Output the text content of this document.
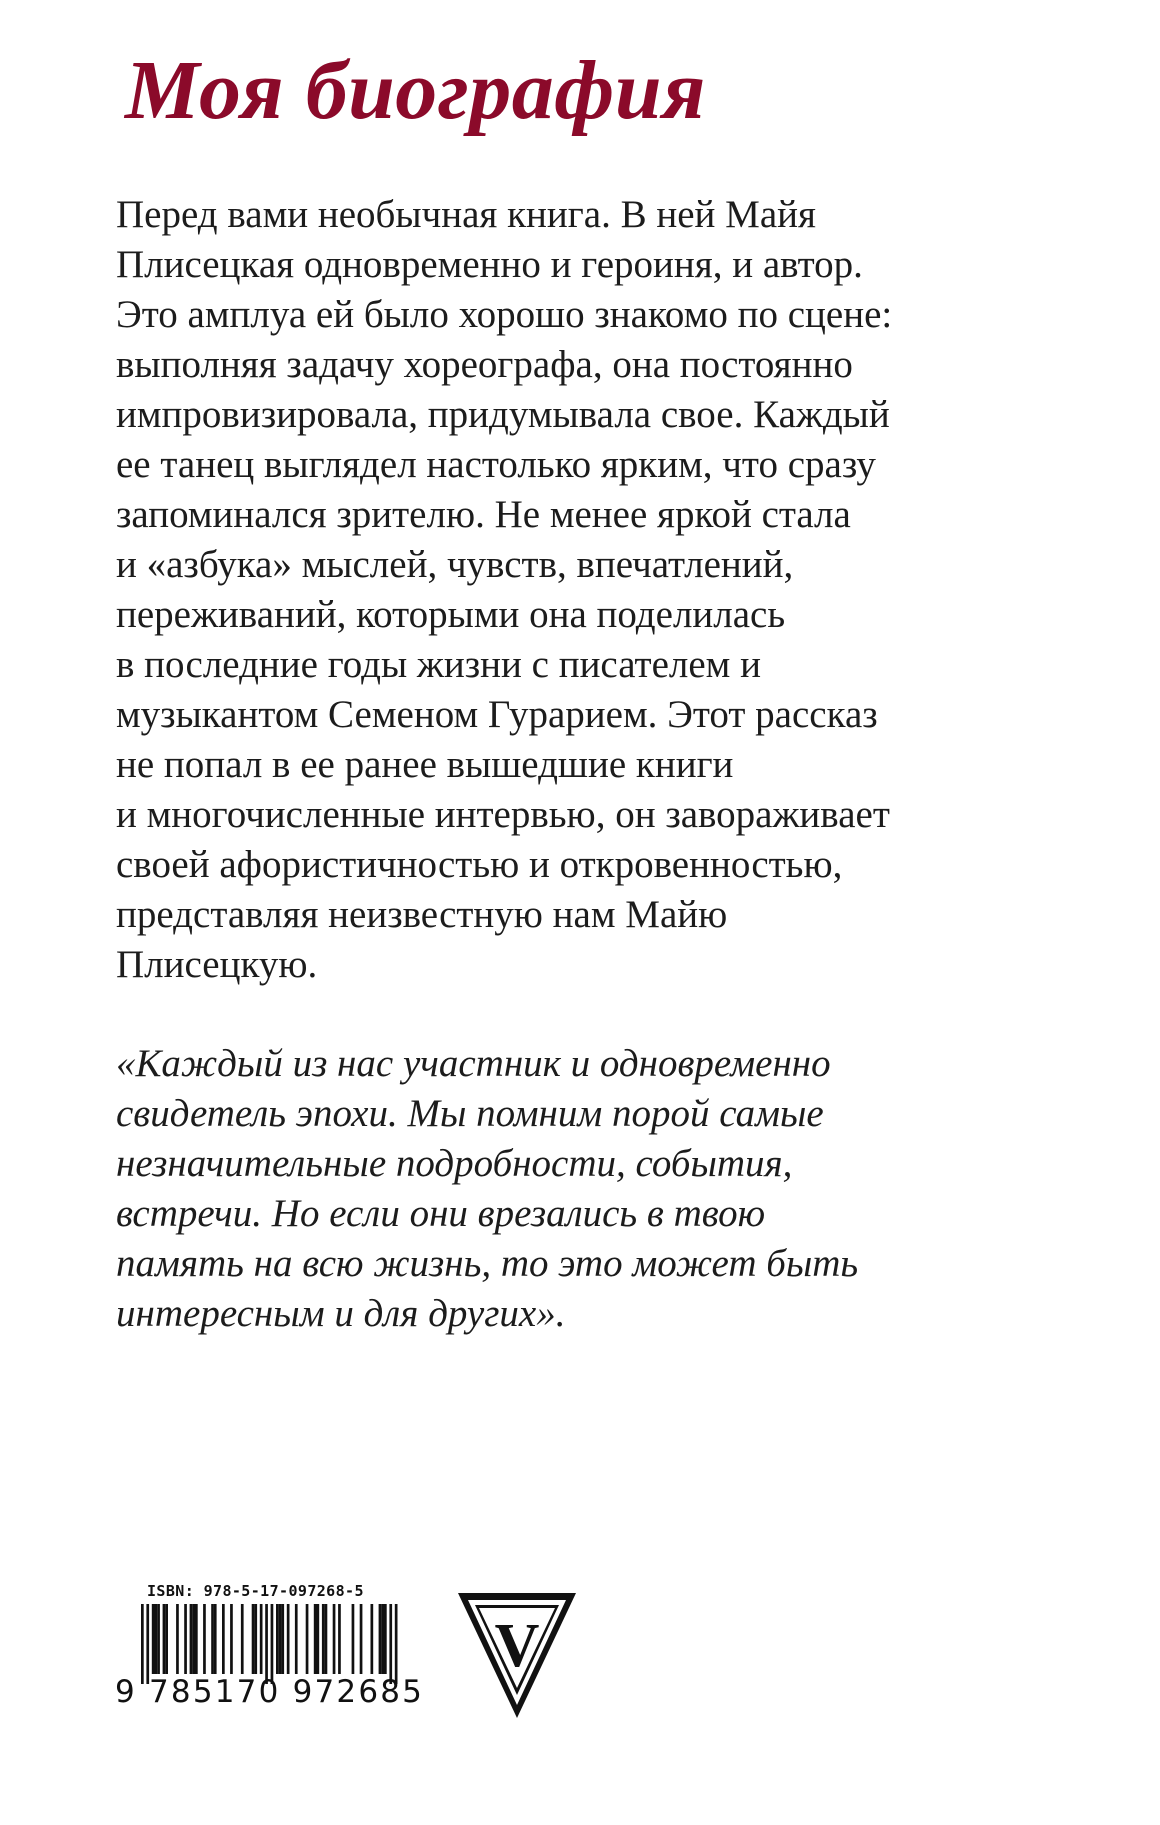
Моя биография
Перед вами необычная книга. В ней Майя
Плисецкая одновременно и героиня, и автор.
Это амплуа ей было хорошо знакомо по сцене:
выполняя задачу хореографа, она постоянно
импровизировала, придумывала свое. Каждый
ее танец выглядел настолько ярким, что сразу
запоминался зрителю. Не менее яркой стала
и «азбука» мыслей, чувств, впечатлений,
переживаний, которыми она поделилась
в последние годы жизни с писателем и
музыкантом Семеном Гурарием. Этот рассказ
не попал в ее ранее вышедшие книги
и многочисленные интервью, он завораживает
своей афористичностью и откровенностью,
представляя неизвестную нам Майю
Плисецкую.
«Каждый из нас участник и одновременно
свидетель эпохи. Мы помним порой самые
незначительные подробности, события,
встречи. Но если они врезались в твою
память на всю жизнь, то это может быть
интересным и для других».
ISBN: 978-5-17-097268-5
9 785170 972685
V
